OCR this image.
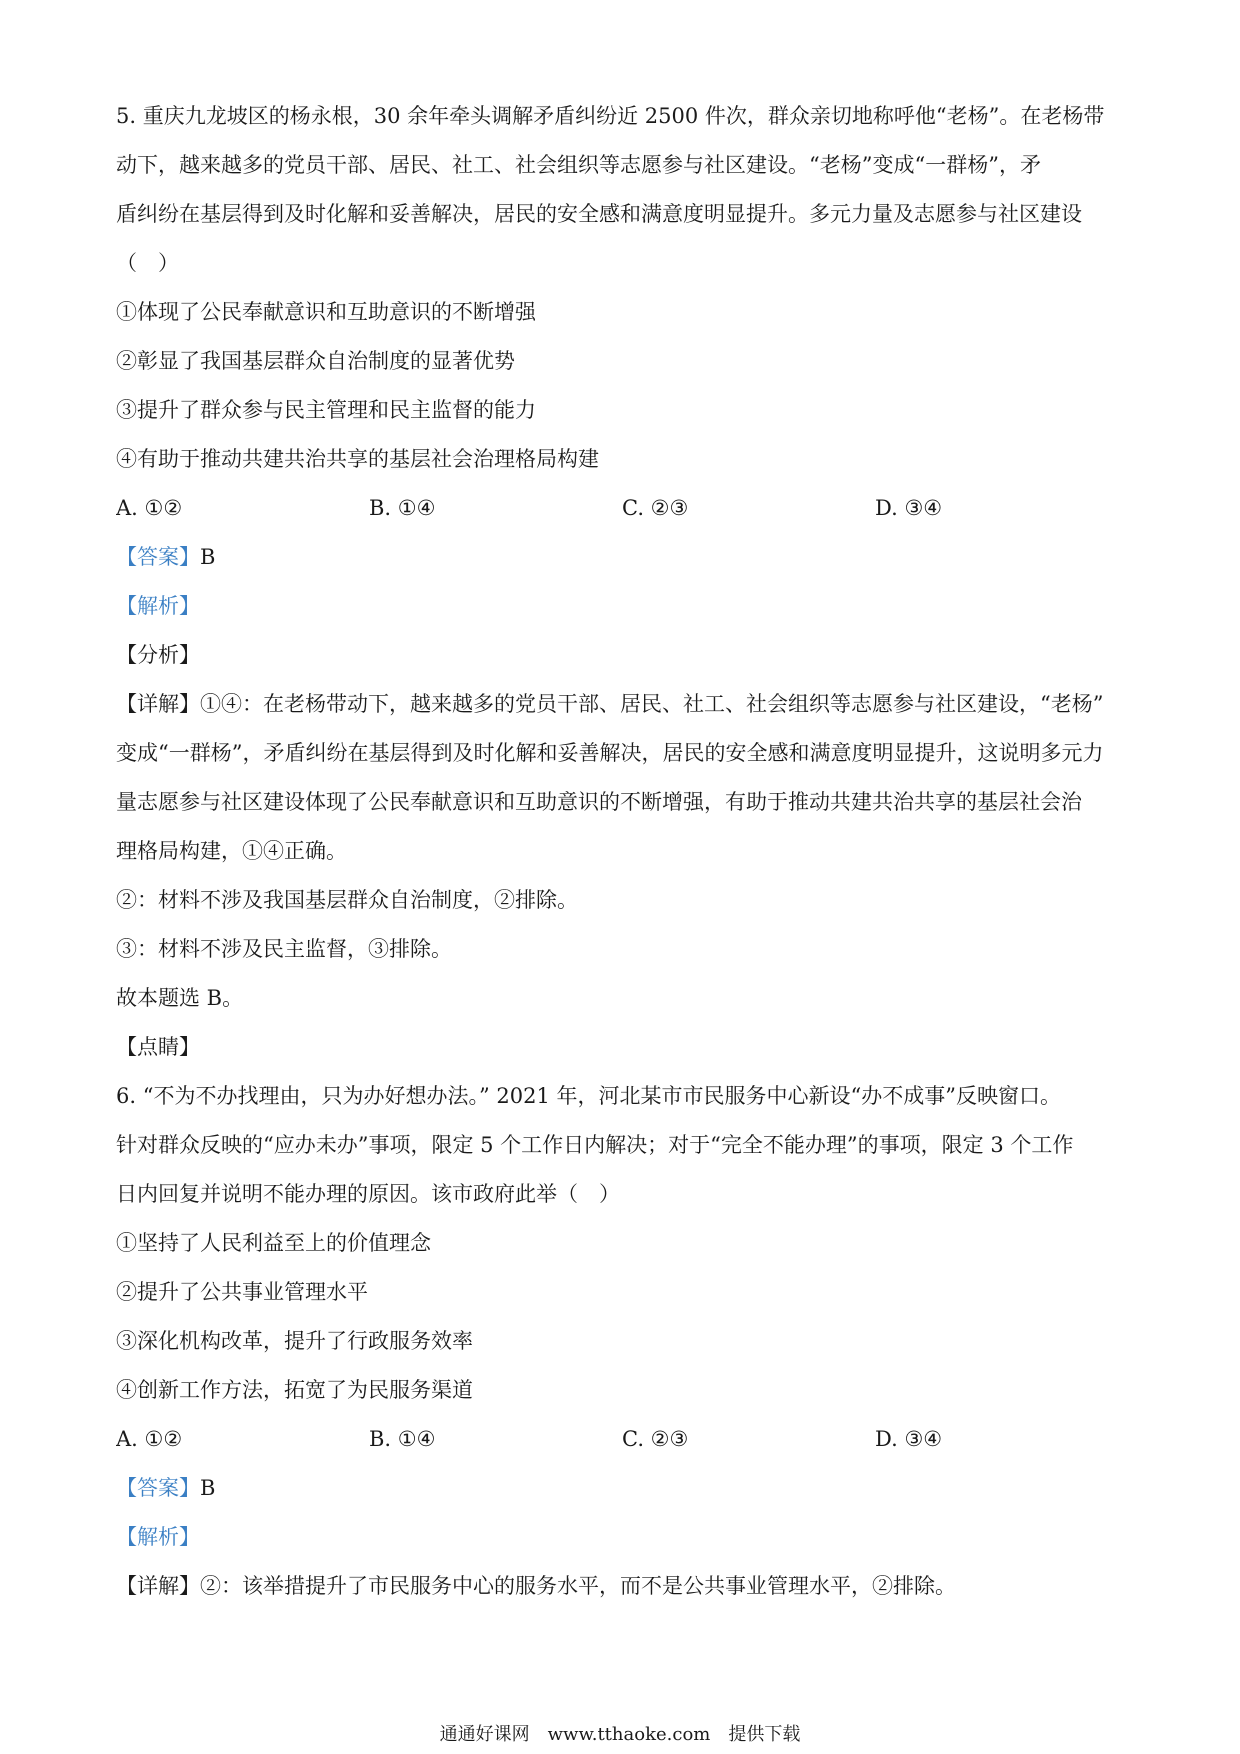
5. 重庆九龙坡区的杨永根，30 余年牵头调解矛盾纠纷近 2500 件次，群众亲切地称呼他“老杨”。在老杨带
动下，越来越多的党员干部、居民、社工、社会组织等志愿参与社区建设。“老杨”变成“一群杨”，矛
盾纠纷在基层得到及时化解和妥善解决，居民的安全感和满意度明显提升。多元力量及志愿参与社区建设
（　）
①体现了公民奉献意识和互助意识的不断增强
②彰显了我国基层群众自治制度的显著优势
③提升了群众参与民主管理和民主监督的能力
④有助于推动共建共治共享的基层社会治理格局构建
A. ①②	B. ①④	C. ②③	D. ③④
【答案】B
【解析】
【分析】
【详解】①④：在老杨带动下，越来越多的党员干部、居民、社工、社会组织等志愿参与社区建设，“老杨”
变成“一群杨”，矛盾纠纷在基层得到及时化解和妥善解决，居民的安全感和满意度明显提升，这说明多元力
量志愿参与社区建设体现了公民奉献意识和互助意识的不断增强，有助于推动共建共治共享的基层社会治
理格局构建，①④正确。
②：材料不涉及我国基层群众自治制度，②排除。
③：材料不涉及民主监督，③排除。
故本题选 B。
【点睛】
6. “不为不办找理由，只为办好想办法。” 2021 年，河北某市市民服务中心新设“办不成事”反映窗口。
针对群众反映的“应办未办”事项，限定 5 个工作日内解决；对于“完全不能办理”的事项，限定 3 个工作
日内回复并说明不能办理的原因。该市政府此举（　）
①坚持了人民利益至上的价值理念
②提升了公共事业管理水平
③深化机构改革，提升了行政服务效率
④创新工作方法，拓宽了为民服务渠道
A. ①②	B. ①④	C. ②③	D. ③④
【答案】B
【解析】
【详解】②：该举措提升了市民服务中心的服务水平，而不是公共事业管理水平，②排除。
通通好课网　www.tthaoke.com　提供下载
